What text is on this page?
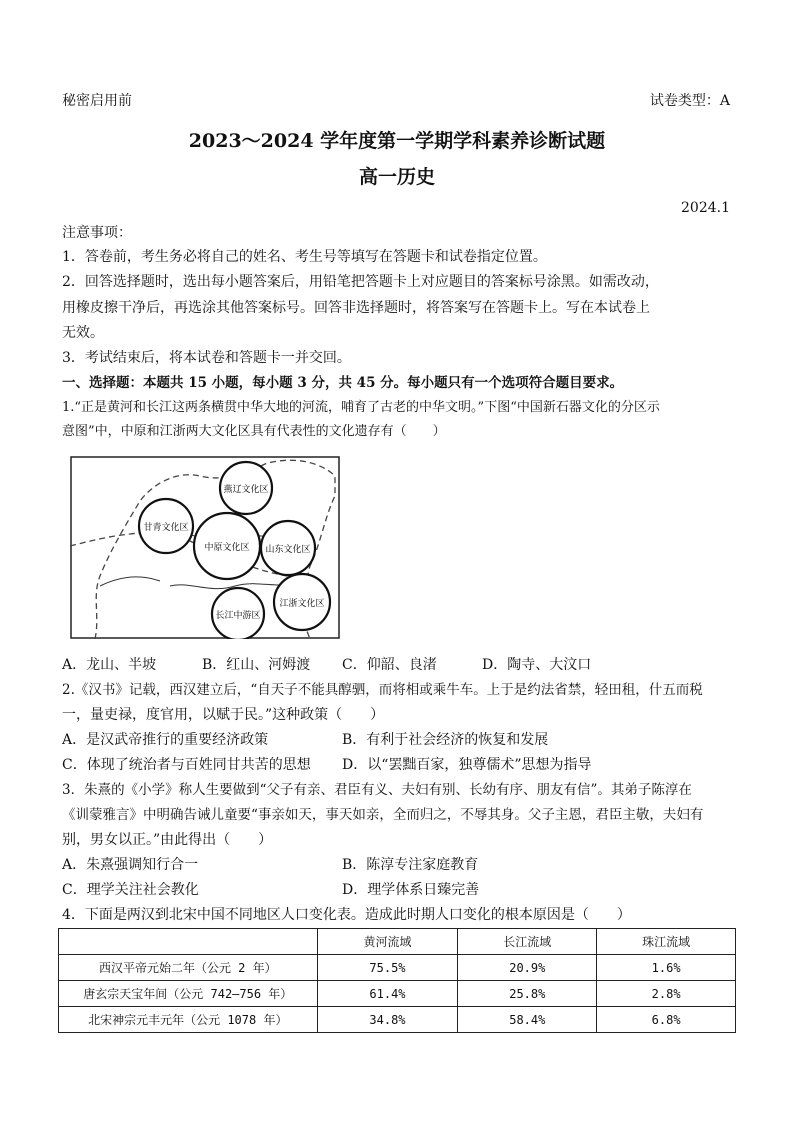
秘密启用前	试卷类型：A
2023～2024 学年度第一学期学科素养诊断试题
高一历史
2024.1
注意事项：
1．答卷前，考生务必将自己的姓名、考生号等填写在答题卡和试卷指定位置。
2．回答选择题时，选出每小题答案后，用铅笔把答题卡上对应题目的答案标号涂黑。如需改动，
用橡皮擦干净后，再选涂其他答案标号。回答非选择题时，将答案写在答题卡上。写在本试卷上
无效。
3．考试结束后，将本试卷和答题卡一并交回。
一、选择题：本题共 15 小题，每小题 3 分，共 45 分。每小题只有一个选项符合题目要求。
1.“正是黄河和长江这两条横贯中华大地的河流，哺育了古老的中华文明。”下图“中国新石器文化的分区示
意图”中，中原和江浙两大文化区具有代表性的文化遗存有（　　）
燕辽文化区
甘青文化区
山东文化区
中原文化区
长江中游区
江浙文化区
A．龙山、半坡	B．红山、河姆渡 C．仰韶、良渚	D．陶寺、大汶口
2.《汉书》记载，西汉建立后，“自天子不能具醇驷，而将相或乘牛车。上于是约法省禁，轻田租，什五而税
一，量吏禄，度官用，以赋于民。”这种政策（　　）
A．是汉武帝推行的重要经济政策	B．有利于社会经济的恢复和发展
C．体现了统治者与百姓同甘共苦的思想 D．以“罢黜百家，独尊儒术”思想为指导
3．朱熹的《小学》称人生要做到“父子有亲、君臣有义、夫妇有别、长幼有序、朋友有信”。其弟子陈淳在
《训蒙雅言》中明确告诫儿童要“事亲如天，事天如亲，全而归之，不辱其身。父子主恩，君臣主敬，夫妇有
别，男女以正。”由此得出（　　）
A．朱熹强调知行合一	B．陈淳专注家庭教育
C．理学关注社会教化	D．理学体系日臻完善
4．下面是两汉到北宋中国不同地区人口变化表。造成此时期人口变化的根本原因是（　　）
	黄河流域	长江流域	珠江流域
西汉平帝元始二年（公元 2 年）	75.5%	20.9%	1.6%
唐玄宗天宝年间（公元 742—756 年）	61.4%	25.8%	2.8%
北宋神宗元丰元年（公元 1078 年）	34.8%	58.4%	6.8%
